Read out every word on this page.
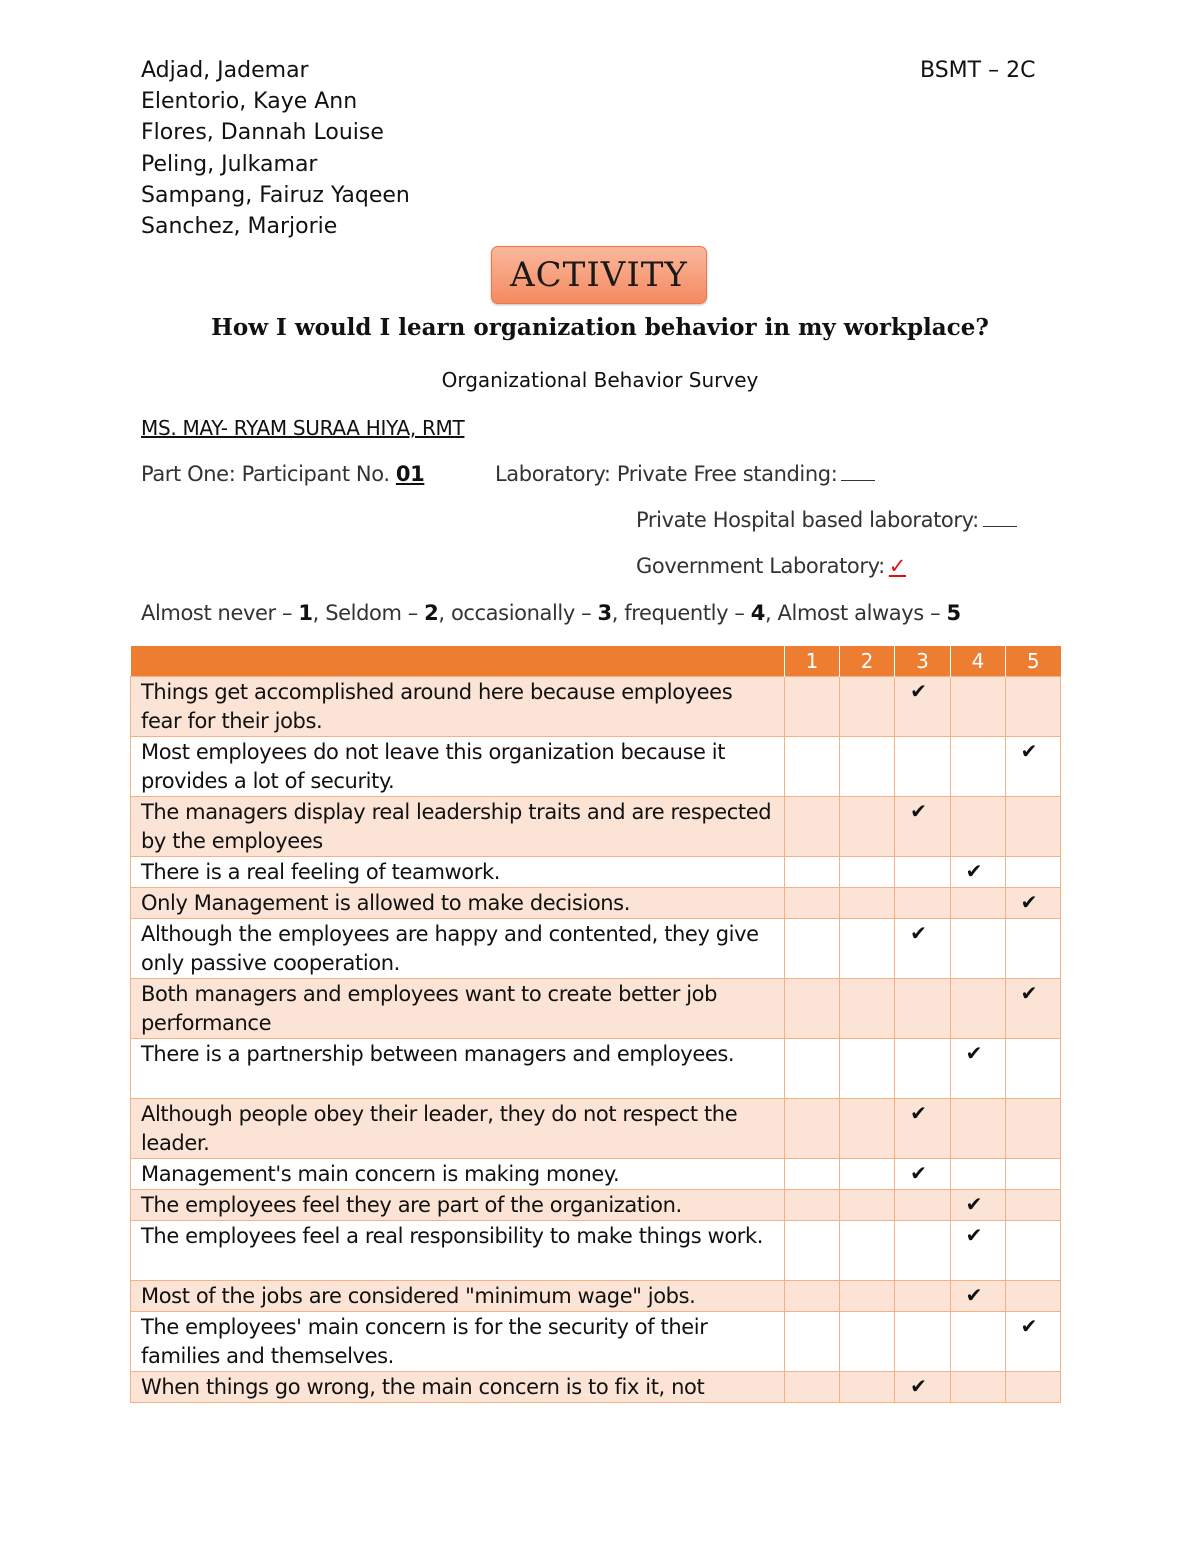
Adjad, Jademar
Elentorio, Kaye Ann
Flores, Dannah Louise
Peling, Julkamar
Sampang, Fairuz Yaqeen
Sanchez, Marjorie
BSMT – 2C
ACTIVITY
How I would I learn organization behavior in my workplace?
Organizational Behavior Survey
MS. MAY- RYAM SURAA HIYA, RMT
Part One: Participant No. 01	Laboratory: Private Free standing:
Private Hospital based laboratory:
Government Laboratory: ✓
Almost never – 1, Seldom – 2, occasionally – 3, frequently – 4, Almost always – 5
	1	2	3	4	5
Things get accomplished around here because employees fear for their jobs.			✔		
Most employees do not leave this organization because it provides a lot of security.					✔
The managers display real leadership traits and are respected by the employees			✔		
There is a real feeling of teamwork.				✔	
Only Management is allowed to make decisions.					✔
Although the employees are happy and contented, they give only passive cooperation.			✔		
Both managers and employees want to create better job performance					✔
There is a partnership between managers and employees.				✔	
Although people obey their leader, they do not respect the leader.			✔		
Management's main concern is making money.			✔		
The employees feel they are part of the organization.				✔	
The employees feel a real responsibility to make things work.				✔	
Most of the jobs are considered "minimum wage" jobs.				✔	
The employees' main concern is for the security of their families and themselves.					✔
When things go wrong, the main concern is to fix it, not			✔		
